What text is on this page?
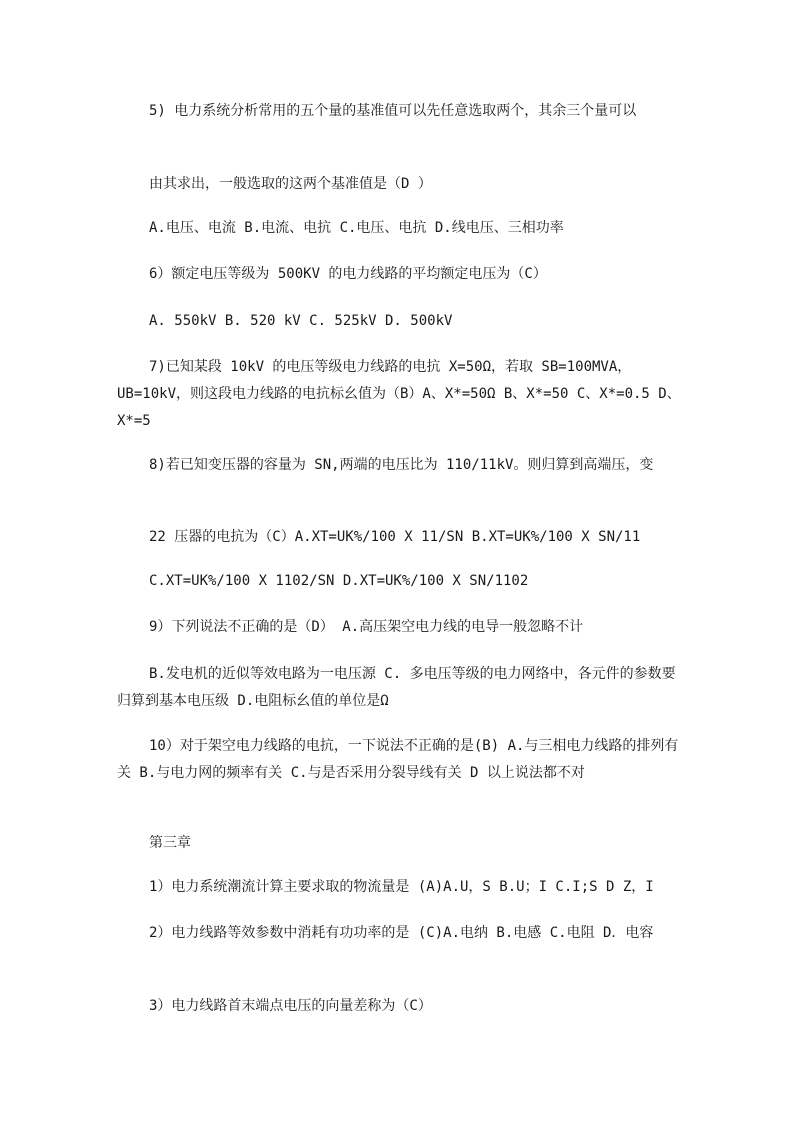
5) 电力系统分析常用的五个量的基准值可以先任意选取两个，其余三个量可以

由其求出，一般选取的这两个基准值是（D ）

A.电压、电流 B.电流、电抗 C.电压、电抗 D.线电压、三相功率

6）额定电压等级为 500KV 的电力线路的平均额定电压为（C）

A. 550kV B. 520 kV C. 525kV D. 500kV

7)已知某段 10kV 的电压等级电力线路的电抗 X=50Ω，若取 SB=100MVA，UB=10kV，则这段电力线路的电抗标幺值为（B）A、X*=50Ω B、X*=50 C、X*=0.5 D、X*=5

8)若已知变压器的容量为 SN,两端的电压比为 110/11kV。则归算到高端压，变

22 压器的电抗为（C）A.XT=UK%/100 X 11/SN B.XT=UK%/100 X SN/11

C.XT=UK%/100 X 1102/SN D.XT=UK%/100 X SN/1102

9）下列说法不正确的是（D） A.高压架空电力线的电导一般忽略不计

B.发电机的近似等效电路为一电压源 C. 多电压等级的电力网络中，各元件的参数要归算到基本电压级 D.电阻标幺值的单位是Ω

10）对于架空电力线路的电抗，一下说法不正确的是(B) A.与三相电力线路的排列有关 B.与电力网的频率有关 C.与是否采用分裂导线有关 D 以上说法都不对

第三章

1）电力系统潮流计算主要求取的物流量是 (A)A.U，S B.U；I C.I;S D Z，I

2）电力线路等效参数中消耗有功功率的是 (C)A.电纳 B.电感 C.电阻 D．电容

3）电力线路首末端点电压的向量差称为（C）
